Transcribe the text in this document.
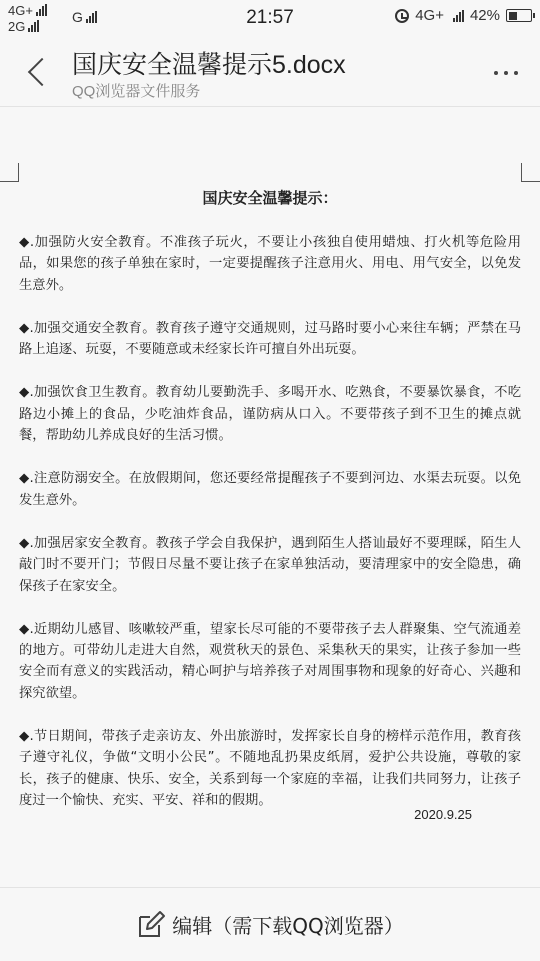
4G+
2G
G	21:57	4G+ 42%
国庆安全温馨提示5.docx
QQ浏览器文件服务
国庆安全温馨提示：

◆.加强防火安全教育。不准孩子玩火，不要让小孩独自使用蜡烛、打火机等危险用品，如果您的孩子单独在家时，一定要提醒孩子注意用火、用电、用气安全，以免发生意外。

◆.加强交通安全教育。教育孩子遵守交通规则，过马路时要小心来往车辆；严禁在马路上追逐、玩耍，不要随意或未经家长许可擅自外出玩耍。

◆.加强饮食卫生教育。教育幼儿要勤洗手、多喝开水、吃熟食，不要暴饮暴食，不吃路边小摊上的食品，少吃油炸食品，谨防病从口入。不要带孩子到不卫生的摊点就餐，帮助幼儿养成良好的生活习惯。

◆.注意防溺安全。在放假期间，您还要经常提醒孩子不要到河边、水渠去玩耍。以免发生意外。

◆.加强居家安全教育。教孩子学会自我保护，遇到陌生人搭讪最好不要理睬，陌生人敲门时不要开门；节假日尽量不要让孩子在家单独活动，要清理家中的安全隐患，确保孩子在家安全。

◆.近期幼儿感冒、咳嗽较严重，望家长尽可能的不要带孩子去人群聚集、空气流通差的地方。可带幼儿走进大自然，观赏秋天的景色、采集秋天的果实，让孩子参加一些安全而有意义的实践活动，精心呵护与培养孩子对周围事物和现象的好奇心、兴趣和探究欲望。

◆.节日期间，带孩子走亲访友、外出旅游时，发挥家长自身的榜样示范作用，教育孩子遵守礼仪，争做“文明小公民”。不随地乱扔果皮纸屑，爱护公共设施，尊敬的家长，孩子的健康、快乐、安全，关系到每一个家庭的幸福，让我们共同努力，让孩子度过一个愉快、充实、平安、祥和的假期。

2020.9.25
编辑（需下载QQ浏览器）
